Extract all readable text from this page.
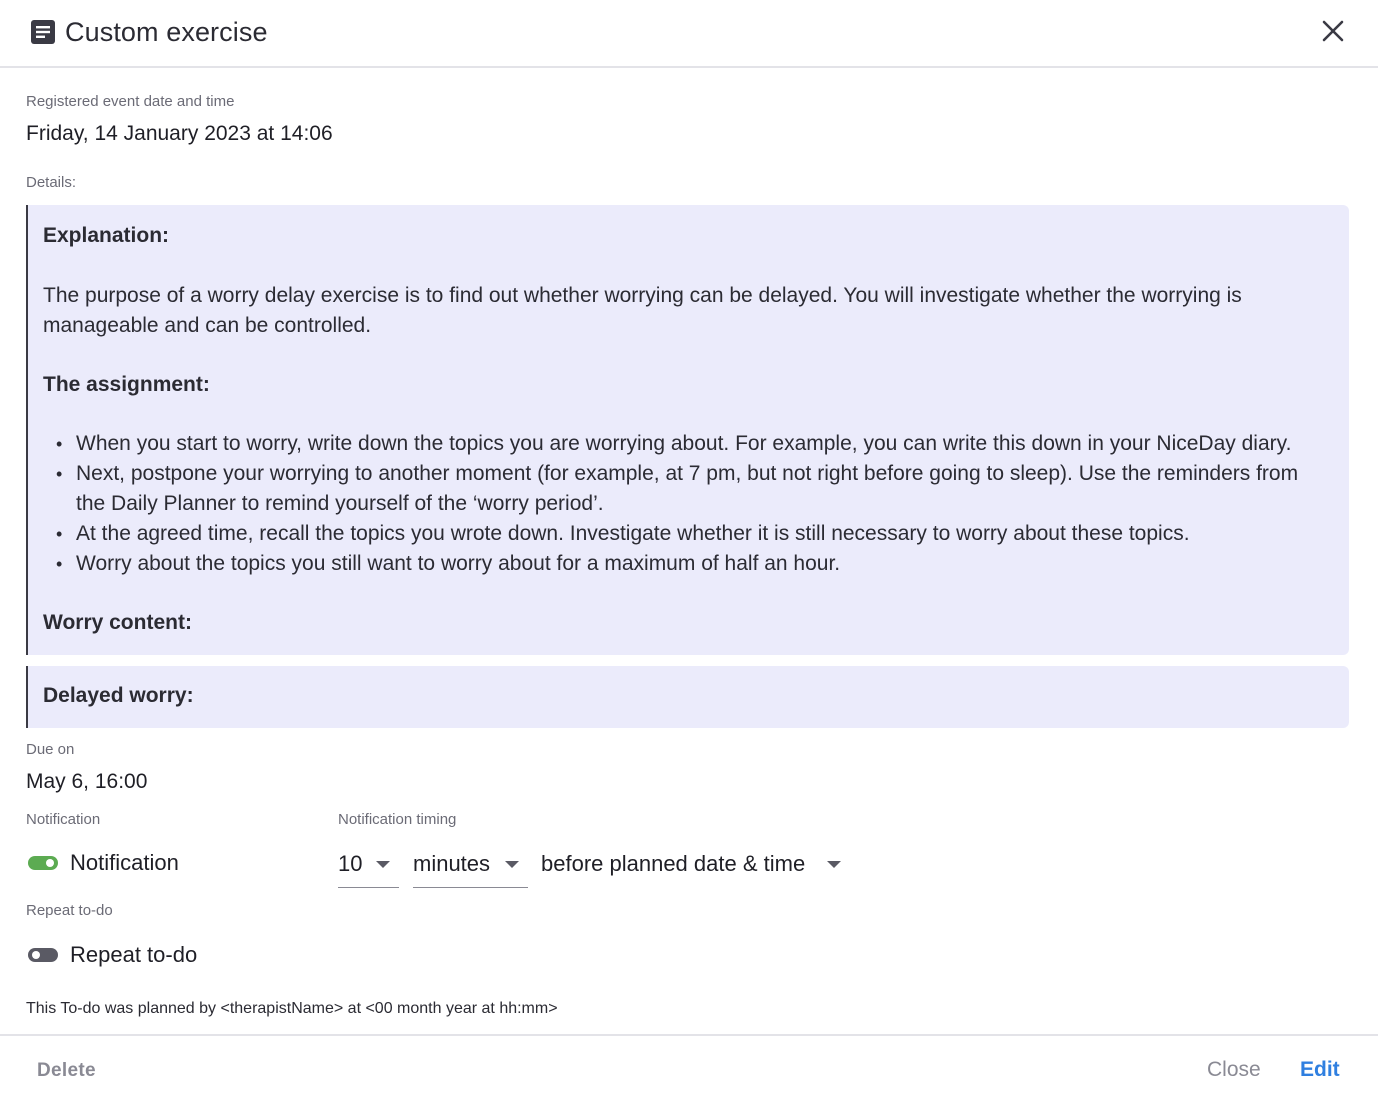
Custom exercise
Registered event date and time
Friday, 14 January 2023 at 14:06
Details:
Explanation:
The purpose of a worry delay exercise is to find out whether worrying can be delayed. You will investigate whether the worrying is manageable and can be controlled.
The assignment:
• When you start to worry, write down the topics you are worrying about. For example, you can write this down in your NiceDay diary.
• Next, postpone your worrying to another moment (for example, at 7 pm, but not right before going to sleep). Use the reminders from the Daily Planner to remind yourself of the ‘worry period’.
• At the agreed time, recall the topics you wrote down. Investigate whether it is still necessary to worry about these topics.
• Worry about the topics you still want to worry about for a maximum of half an hour.
Worry content:
Delayed worry:
Due on
May 6, 16:00
Notification	Notification timing
Notification	10 minutes before planned date & time
Repeat to-do
Repeat to-do
This To-do was planned by <therapistName> at <00 month year at hh:mm>
Delete	Close Edit
